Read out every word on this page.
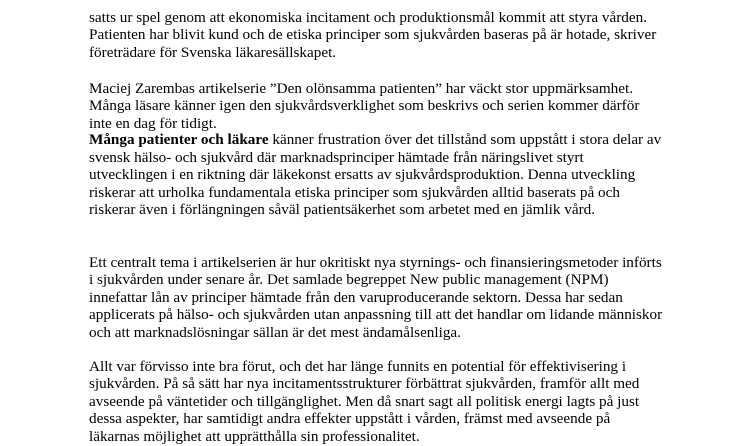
satts ur spel genom att ekonomiska incitament och produktionsmål kommit att styra vården.
Patienten har blivit kund och de etiska principer som sjukvården baseras på är hotade, skriver
företrädare för Svenska läkaresällskapet.

Maciej Zarembas artikelserie ”Den olönsamma patienten” har väckt stor uppmärksamhet.
Många läsare känner igen den sjukvårdsverklighet som beskrivs och serien kommer därför
inte en dag för tidigt.

Många patienter och läkare känner frustration över det tillstånd som uppstått i stora delar av
svensk hälso- och sjukvård där marknadsprinciper hämtade från näringslivet styrt
utvecklingen i en riktning där läkekonst ersatts av sjukvårdsproduktion. Denna utveckling
riskerar att urholka fundamentala etiska principer som sjukvården alltid baserats på och
riskerar även i förlängningen såväl patientsäkerhet som arbetet med en jämlik vård.

Ett centralt tema i artikelserien är hur okritiskt nya styrnings- och finansieringsmetoder införts
i sjukvården under senare år. Det samlade begreppet New public management (NPM)
innefattar lån av principer hämtade från den varuproducerande sektorn. Dessa har sedan
applicerats på hälso- och sjukvården utan anpassning till att det handlar om lidande människor
och att marknadslösningar sällan är det mest ändamålsenliga.

Allt var förvisso inte bra förut, och det har länge funnits en potential för effektivisering i
sjukvården. På så sätt har nya incitamentsstrukturer förbättrat sjukvården, framför allt med
avseende på väntetider och tillgänglighet. Men då snart sagt all politisk energi lagts på just
dessa aspekter, har samtidigt andra effekter uppstått i vården, främst med avseende på
läkarnas möjlighet att upprätthålla sin professionalitet.
